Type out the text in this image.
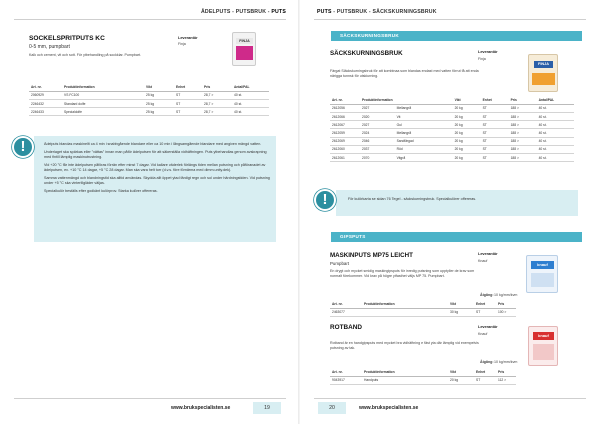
ÅDELPUTS - PUTSBRUK - PUTS
SOCKELSPRITPUTS KC
0-5 mm, pumpbart
Kalk och cement, vit och sott. För ytbehandling på sockklar. Pumpbart.
Leverantör
Finja
FINJA
Art. nr.	Produktinformation	Vikt	Enhet	Pris	Antal/PAL
2060929	VS FC100	25 kg	ST	28,7 >	40 st.
2246432	Standard dolfe	25 kg	ST	28,7 >	40 st.
2246433	Specialdolfe	25 kg	ST	28,7 >	40 st.

Ädelputs blandas maskinellt ca 4 min i snabbgående blandare eller ca 10 min i långsamgående blandare med angiven mängd vatten.

Underlaget ska spärkas eller "vättas" innan man påför ädelputsen för att säkerställa vidhäftningen. Puts ytbehandlas genom avskrapning med fintill lämplig maskinutrustning.

Vid +20 °C får inte ädelputsen påföras förrän efter minst 7 dagar. Vid kallare väderlek förlängs tiden mellan putsning och påföranadet av ädelputsen, ex. +10 °C 14 dagar, +5 °C 28 dagar. Man ska vara helt torr (d.v.s. före förnärma med dimm.unity.dek).

Samma vattenmängd och blandningstid ska alltid användas. Skydda allt öppet ytad färdigt regn och sol under härdningstiden. Vid putsning under +5 °C ska vinterillgläder väljas.

Specialkulör beställs efter godkänt kulörprov. Starka kulörer offereras.

!
www.brukspecialisten.se	19
PUTS - PUTSBRUK - SÄCKSKURNINGSBRUK
SÄCKSKURNINGSBRUK
SÄCKSKURNINGSBRUK	Leverantör
Finja
Färgat Släckskurningsbruk för att kombinaa som blandas endast med vatten förrut få att enda närigga tunnsk för utskiurning.
FINJA
Art. nr.	Produktinformation		Vikt	Enhet	Pris	Antal/PAL
2612056	2027	Mellangrå	20 kg	ST	188 >	40 st.
2612066	2020	Vit	20 kg	ST	188 >	40 st.
2612067	2027	Gul	20 kg	ST	188 >	40 st.
2612059	2024	Mellangrå	20 kg	ST	188 >	40 st.
2612069	2046	Sandfärgad	20 kg	ST	188 >	40 st.
2612060	2037	Röd	20 kg	ST	188 >	40 st.
2612061	2070	Vitgrå	20 kg	ST	188 >	40 st.
För kulörkarta se sidan 76 Tegel - säckskurningsbruk. Specialkulörer offereras.
!
GIPSPUTS
MASKINPUTS MP75 LEICHT
Pumpbart
Leverantör
Knauf
En drygt och mycket smidig maskingipsputs för inredig putsning som upptyller de krav som normalt förekommer. Vid krav på högre ytfasthet väljs MP 75. Pumpbart.
Åtgång: 10 kg/mm/kvm
knauf
Art. nr.	Produktinformation	Vikt	Enhet	Pris
2463077		30 kg	ST	100 >
ROTBAND	Leverantör
Knauf
Rotband är en handgipsputs med mycket bra vidhäftning e fäst yta där lämplig vid exempelvis putsning av tak.
Åtgång: 10 kg/mm/kvm
knauf
Art. nr.	Produktinformation	Vikt	Enhet	Pris
9043917	Handputs	20 kg	ST	112 >
20	www.brukspecialisten.se
